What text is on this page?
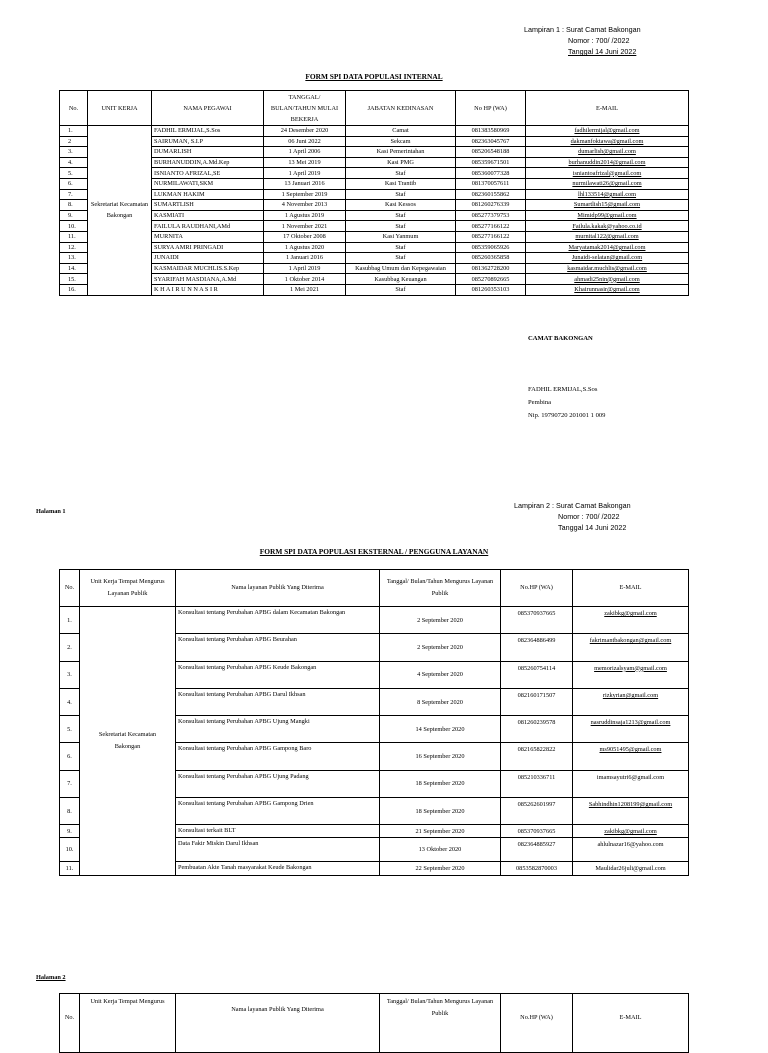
Lampiran 1 : Surat Camat Bakongan
Nomor : 700/ /2022
Tanggal 14 Juni 2022
FORM SPI DATA POPULASI INTERNAL
No.	UNIT KERJA	NAMA PEGAWAI	TANGGAL/ BULAN/TAHUN MULAI BEKERJA	JABATAN KEDINASAN	No HP (WA)	E-MAIL
1.	Sekretariat Kecamatan Bakongan	FADHIL ERMIJAL,S.Sos	24 Desember 2020	Camat	081383580969	fadhilermijal@gmail.com
2		SAIRUMAN, S.I.P	06 Juni 2022	Sekcam	082363045767	dakmanfoktawa@gmail.com
3.		DUMARLISH	1 April 2006	Kasi Pemerintahan	085206548188	dumarlish@gmail.com
4.		BURHANUDDIN,A.Md.Kep	13 Mei 2019	Kasi PMG	085359671501	burhanuddin2014@gmail.com
5.		ISNIANTO AFRIZAL,SE	1 April 2019	Staf	085360077328	isniantoafrizal@gmail.com
6.		NURMILAWATI,SKM	13 Januari 2016	Kasi Trantib	081370057611	nurmilawati26@gmail.com
7.		LUKMAN HAKIM	1 September 2019	Staf	082360155862	lhl133514@gmail.com
8.		SUMARTLISH	4 November 2013	Kasi Kessos	081260276339	Sumartlish15@gmail.com
9.		KASMIATI	1 Agustus 2019	Staf	085277379753	Mimidp99@gmail.com
10.		FAILULA RAUDHANI,AMd	1 November 2021	Staf	085277166122	Failula.kakak@yahoo.co.id
11.		MURNITA	17 Oktober 2008	Kasi Yanmum	085277166122	murnital122@gmail.com
12.		SURYA AMRI PRINGADI	1 Agustus 2020	Staf	085359065926	Maryatamak2014@gmail.com
13.		JUNAIDI	1 Januari 2016	Staf	085260365858	Junaidi-selatan@gmail.com
14.		KASMAIDAR MUCHLIS.S.Kep	1 April 2019	Kasubbag Umum dan Kepegawaian	081362728200	kasmaidar.muchlis@gmail.com
15.		SYARIFAH MASDIANA,A.Md	1 Oktober 2014	Kasubbag Keuangan	085270892665	ahmadi25nin@gmail.com
16.		K H A I R U N N A S I R	1 Mei 2021	Staf	081260353103	Khairunnasir@gmail.com
CAMAT BAKONGAN
FADHIL ERMIJAL,S.Sos
Pembina
Nip. 19790720 201001 1 009
Halaman 1
Lampiran 2 : Surat Camat Bakongan
Nomor : 700/ /2022
Tanggal 14 Juni 2022
FORM SPI DATA POPULASI EKSTERNAL / PENGGUNA LAYANAN
No.	Unit Kerja Tempat Mengurus Layanan Publik	Nama layanan Publik Yang Diterima	Tanggal/ Bulan/Tahun Mengurus Layanan Publik	No.HP (WA)	E-MAIL
1.	Sekretariat Kecamatan Bakongan	Konsultasi tentang Perubahan APBG dalam Kecamatan Bakongan	2 September 2020	085370937665	zakibkg@gmail.com
2.		Konsultasi tentang Perubahan APBG Beurahan	2 September 2020	082364886499	fakrimantbakongan@gmail.com
3.		Konsultasi tentang Perubahan APBG Keude Bakongan	4 September 2020	085260754114	memorizalsyam@gmail.com
4.		Konsultasi tentang Perubahan APBG Darul Ikhsan	8 September 2020	082160171507	rizkyrian@gmail.com
5.		Konsultasi tentang Perubahan APBG Ujung Mangki	14 September 2020	081260239578	nasruddinsaja1213@gmail.com
6.		Konsultasi tentang Perubahan APBG Gampong Baro	16 September 2020	082165822822	ms9051495@gmail.com
7.		Konsultasi tentang Perubahan APBG Ujung Padang	18 September 2020	085210336711	imamsayutri6@gmail.com
8.		Konsultasi tentang Perubahan APBG Gampong Drien	18 September 2020	085262601997	Sabhindhin1208199@gmail.com
9.		Konsultasi terkait BLT	21 September 2020	085370937665	zakibkg@gmail.com
10.		Data Fakir Miskin Darul Ikhsan	13 Oktober 2020	082364885927	ahlulnazar16@yahoo.com
11.		Pembuatan Akte Tanah masyarakat Keude Bakongan	22 September 2020	0853582870003	Maulidar26juli@gmail.com
Halaman 2
No.	Unit Kerja Tempat Mengurus	Nama layanan Publik Yang Diterima	Tanggal/ Bulan/Tahun Mengurus Layanan Publik	No.HP (WA)	E-MAIL
